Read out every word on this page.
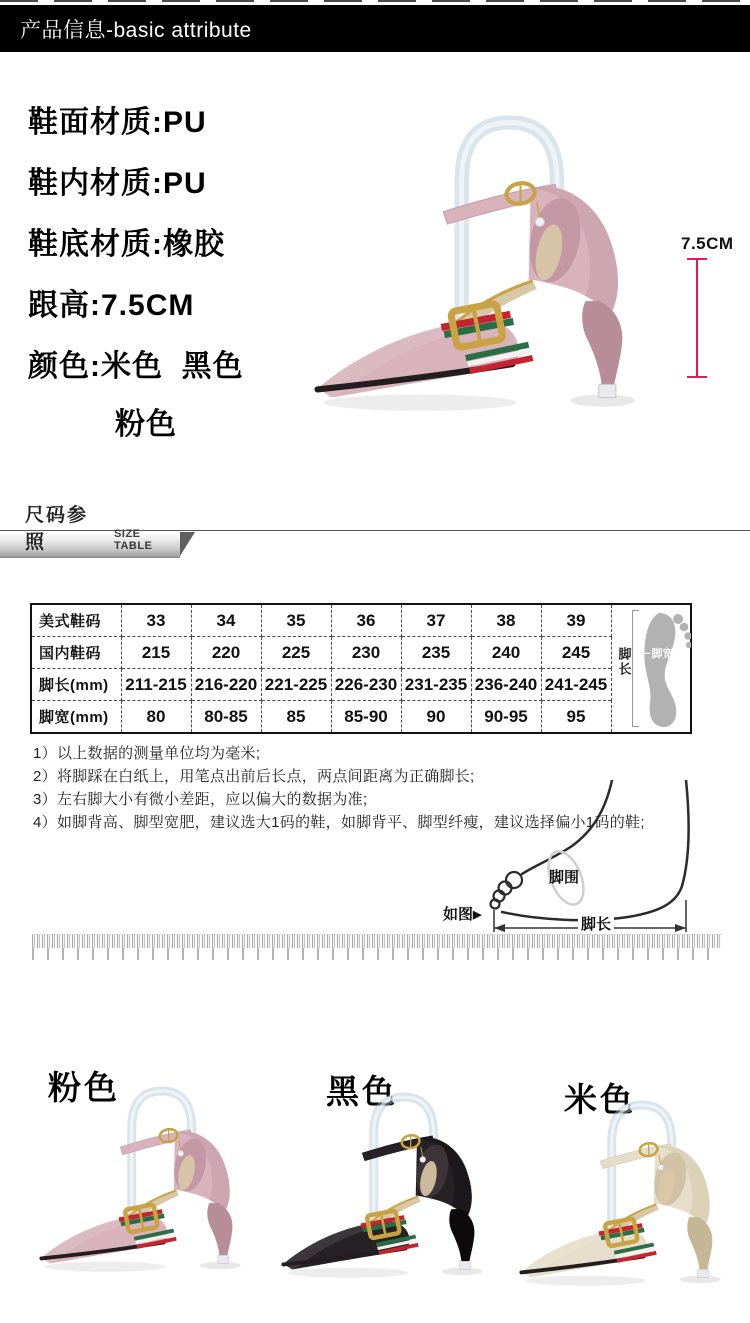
产品信息-basic attribute
鞋面材质:PU
鞋内材质:PU
鞋底材质:橡胶
跟高:7.5CM
颜色:米色  黑色
粉色
7.5CM
尺码参照	SIZE TABLE
美式鞋码	33	34	35	36	37	38	39	脚长 ⊢脚宽⊣

国内鞋码	215	220	225	230	235	240	245	
脚长(mm)	211-215	216-220	221-225	226-230	231-235	236-240	241-245	
脚宽(mm)	80	80-85	85	85-90	90	90-95	95	
1）以上数据的测量单位均为毫米;
2）将脚踩在白纸上，用笔点出前后长点，两点间距离为正确脚长;
3）左右脚大小有微小差距，应以偏大的数据为准;
4）如脚背高、脚型宽肥，建议选大1码的鞋，如脚背平、脚型纤瘦，建议选择偏小1码的鞋;
脚围
脚长
如图▶
粉色	黑色	米色
